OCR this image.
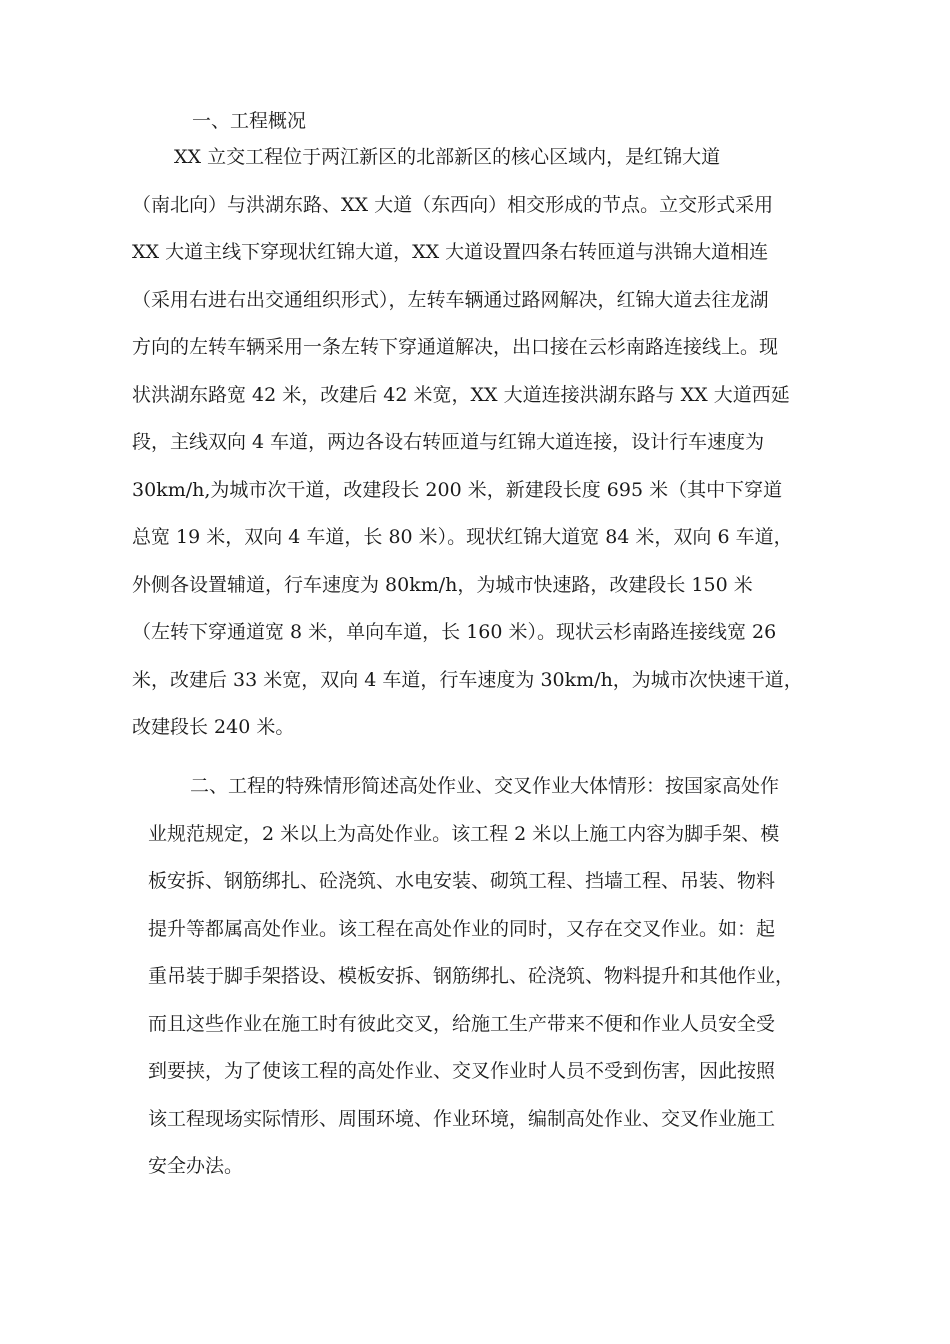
一、工程概况
XX 立交工程位于两江新区的北部新区的核心区域内，是红锦大道
（南北向）与洪湖东路、XX 大道（东西向）相交形成的节点。立交形式采用
XX 大道主线下穿现状红锦大道，XX 大道设置四条右转匝道与洪锦大道相连
（采用右进右出交通组织形式），左转车辆通过路网解决，红锦大道去往龙湖
方向的左转车辆采用一条左转下穿通道解决，出口接在云杉南路连接线上。现
状洪湖东路宽 42 米，改建后 42 米宽，XX 大道连接洪湖东路与 XX 大道西延
段，主线双向 4 车道，两边各设右转匝道与红锦大道连接，设计行车速度为
30km/h,为城市次干道，改建段长 200 米，新建段长度 695 米（其中下穿道
总宽 19 米，双向 4 车道，长 80 米）。现状红锦大道宽 84 米，双向 6 车道，
外侧各设置辅道，行车速度为 80km/h，为城市快速路，改建段长 150 米
（左转下穿通道宽 8 米，单向车道，长 160 米）。现状云杉南路连接线宽 26
米，改建后 33 米宽，双向 4 车道，行车速度为 30km/h，为城市次快速干道，
改建段长 240 米。
二、工程的特殊情形简述高处作业、交叉作业大体情形：按国家高处作
业规范规定，2 米以上为高处作业。该工程 2 米以上施工内容为脚手架、模
板安拆、钢筋绑扎、砼浇筑、水电安装、砌筑工程、挡墙工程、吊装、物料
提升等都属高处作业。该工程在高处作业的同时，又存在交叉作业。如：起
重吊装于脚手架搭设、模板安拆、钢筋绑扎、砼浇筑、物料提升和其他作业，
而且这些作业在施工时有彼此交叉，给施工生产带来不便和作业人员安全受
到要挟，为了使该工程的高处作业、交叉作业时人员不受到伤害，因此按照
该工程现场实际情形、周围环境、作业环境，编制高处作业、交叉作业施工
安全办法。
